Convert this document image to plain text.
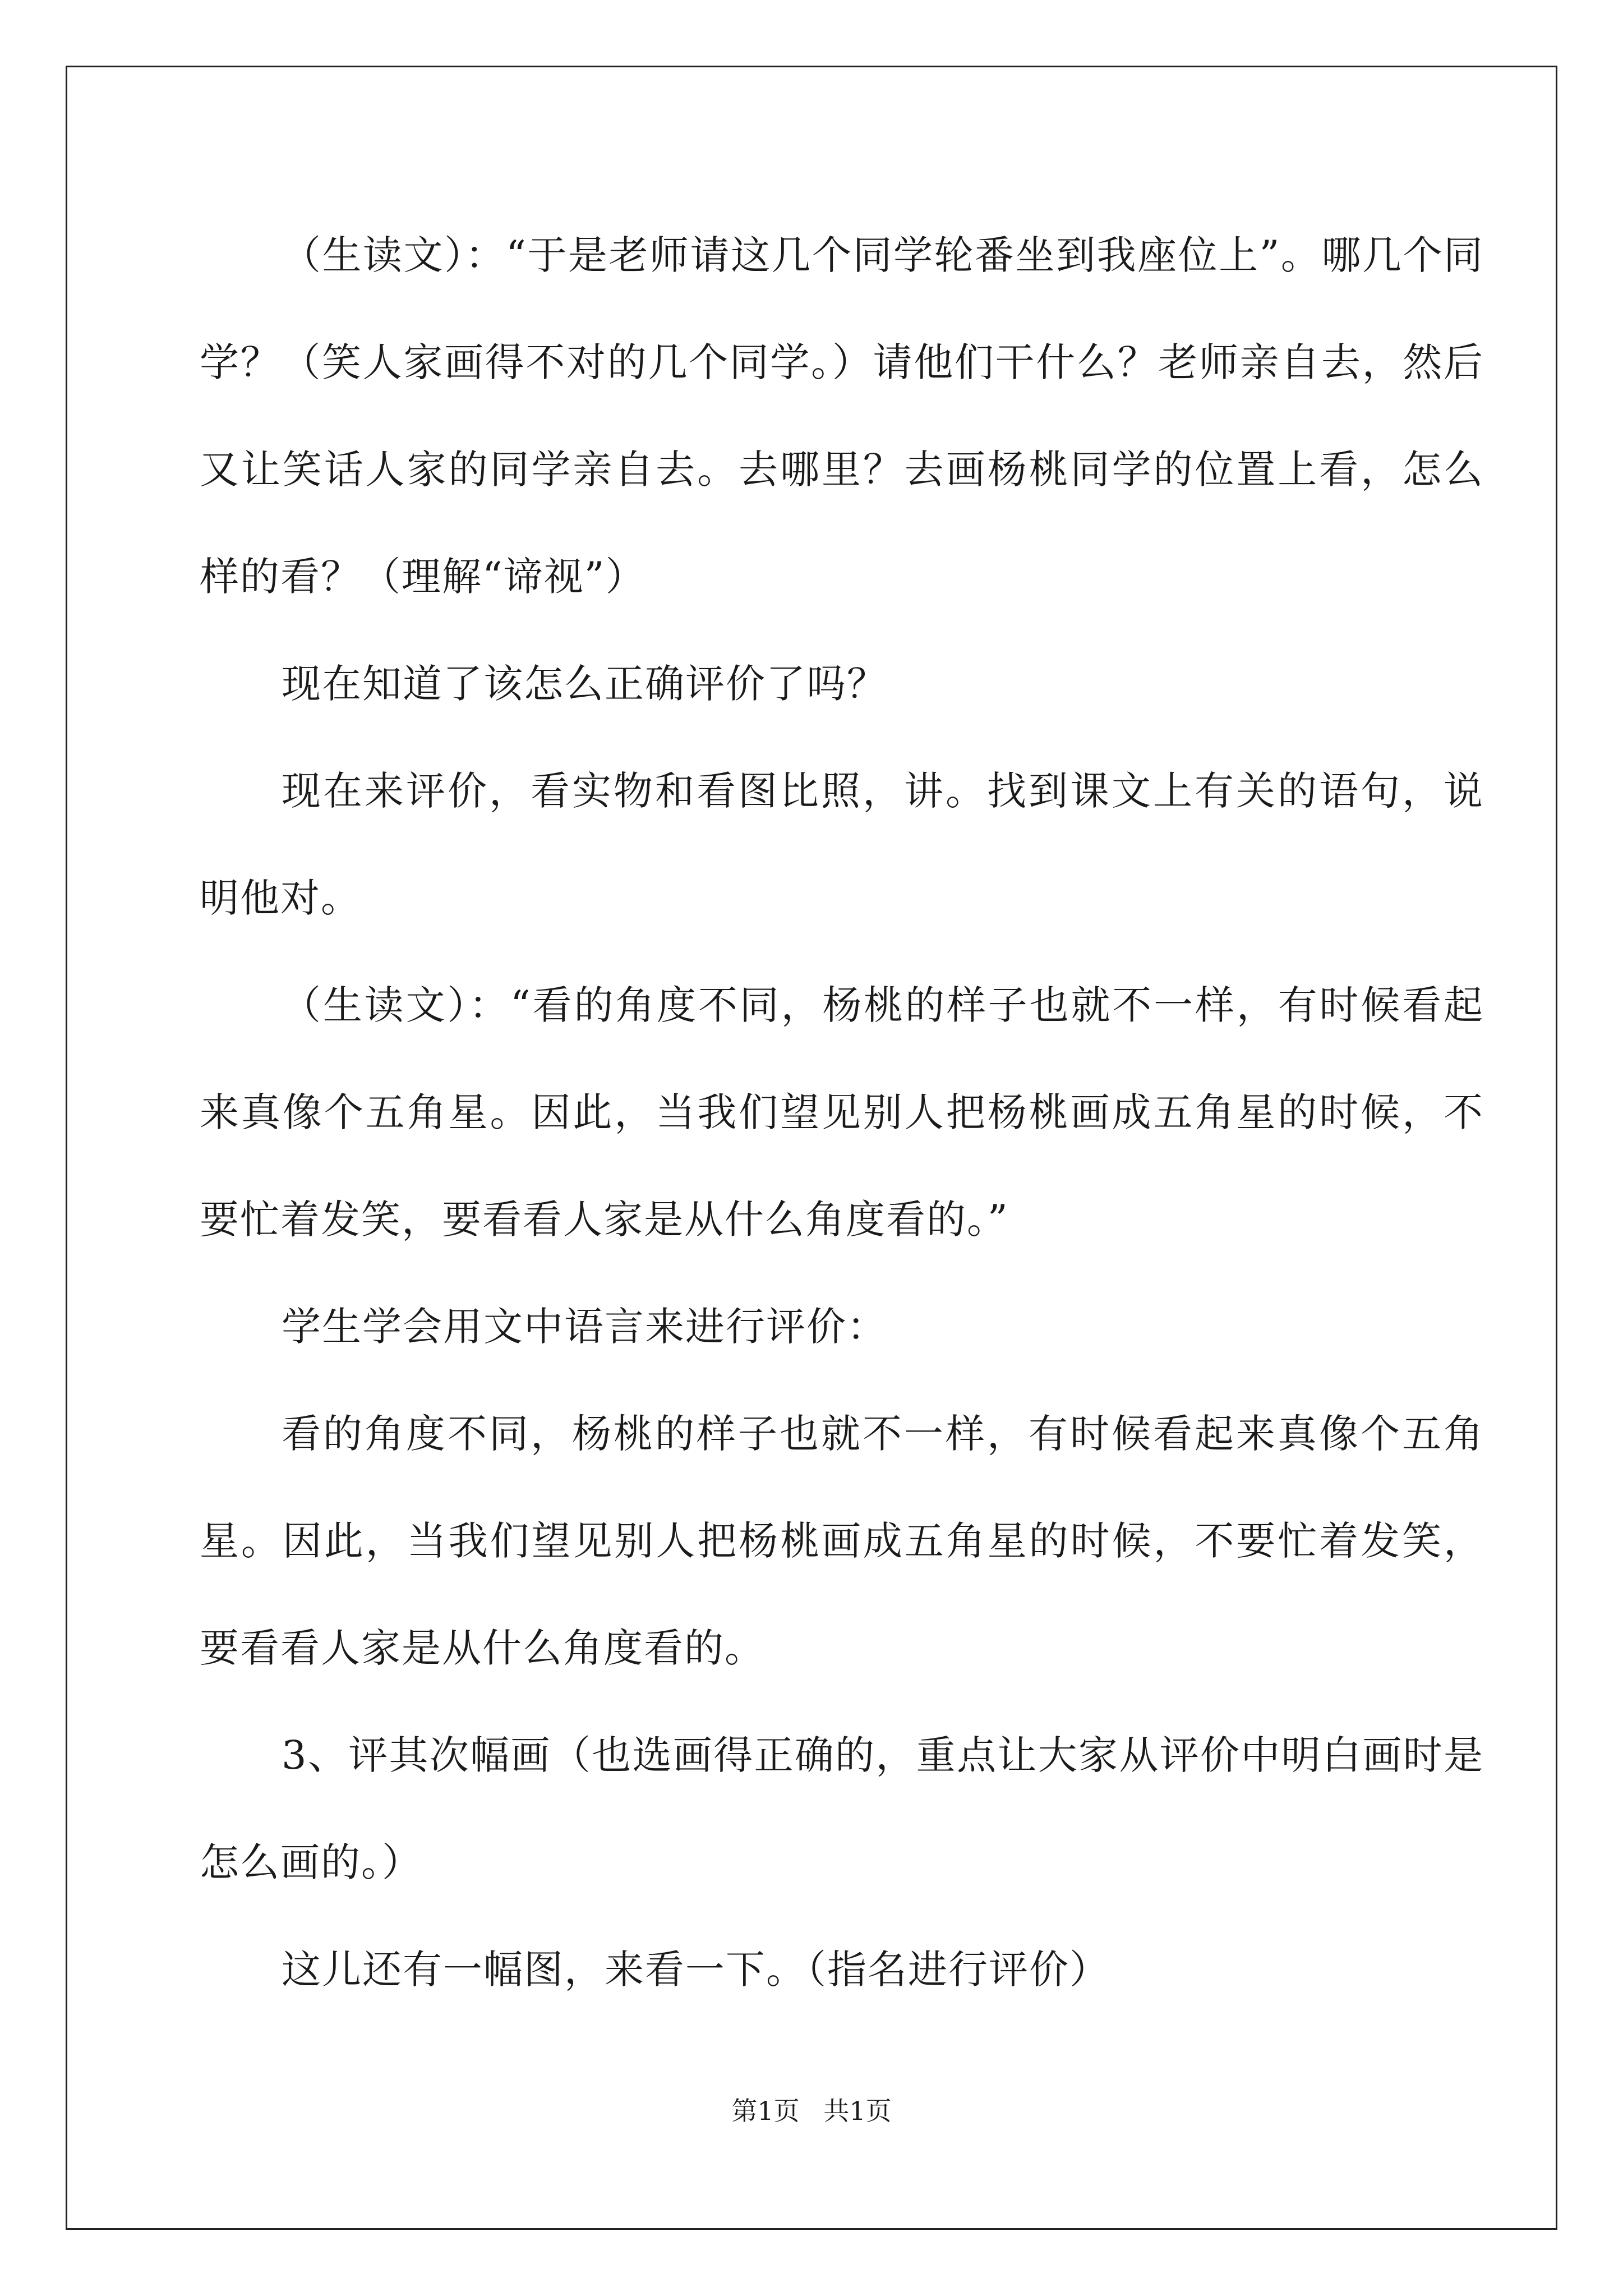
（生读文）：“于是老师请这几个同学轮番坐到我座位上”。哪几个同学？（笑人家画得不对的几个同学。）请他们干什么？老师亲自去，然后又让笑话人家的同学亲自去。去哪里？去画杨桃同学的位置上看，怎么样的看？（理解“谛视”）

现在知道了该怎么正确评价了吗？

现在来评价，看实物和看图比照，讲。找到课文上有关的语句，说明他对。

（生读文）：“看的角度不同，杨桃的样子也就不一样，有时候看起来真像个五角星。因此，当我们望见别人把杨桃画成五角星的时候，不要忙着发笑，要看看人家是从什么角度看的。”

学生学会用文中语言来进行评价：

看的角度不同，杨桃的样子也就不一样，有时候看起来真像个五角星。因此，当我们望见别人把杨桃画成五角星的时候，不要忙着发笑，要看看人家是从什么角度看的。

3、评其次幅画（也选画得正确的，重点让大家从评价中明白画时是怎么画的。）

这儿还有一幅图，来看一下。（指名进行评价）

第1页 共1页
